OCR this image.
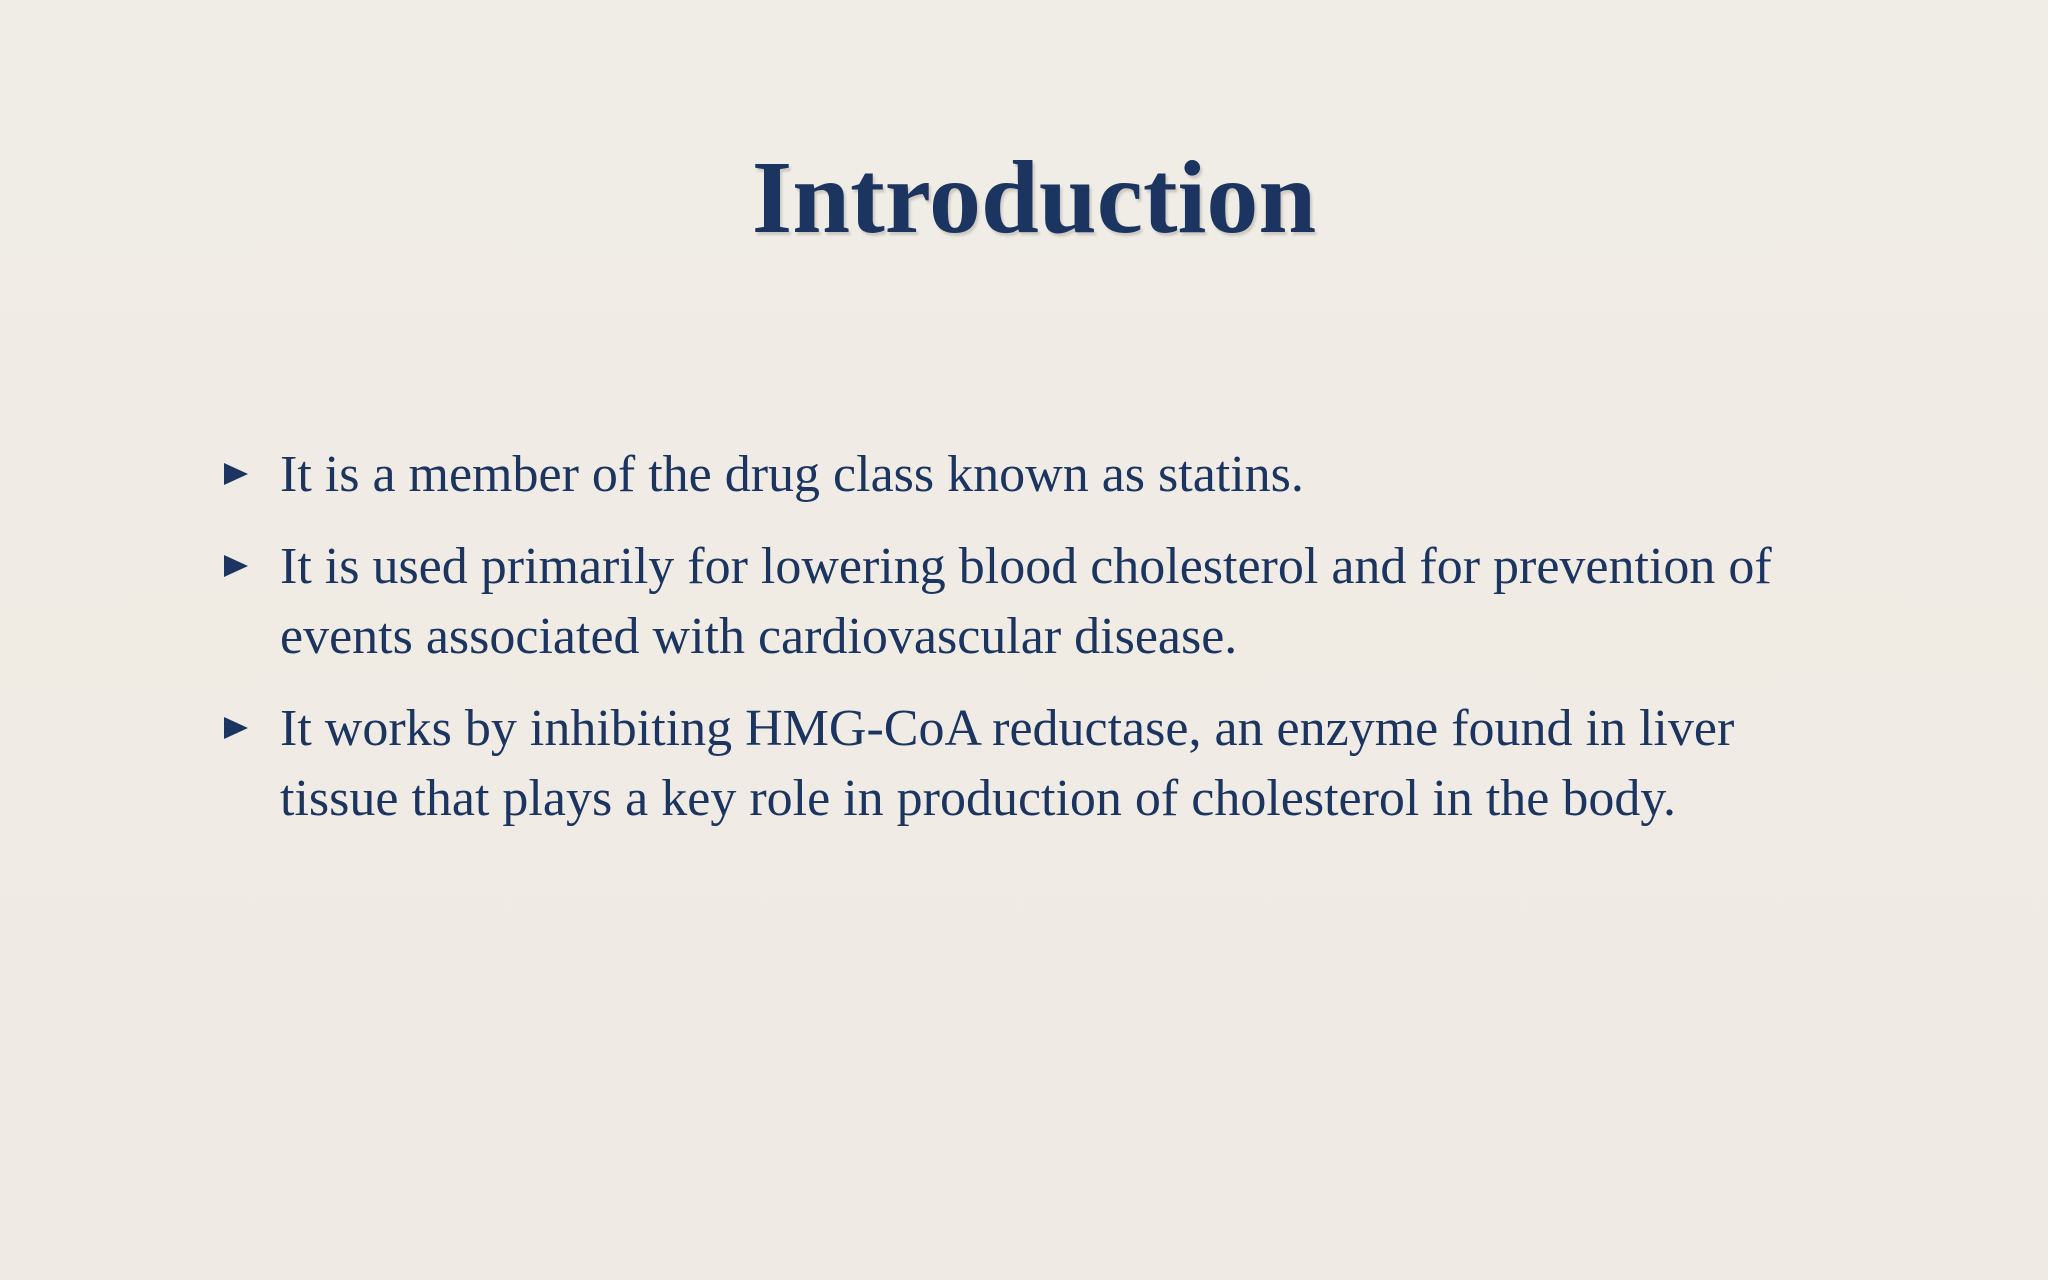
Introduction
It is a member of the drug class known as statins.
It is used primarily for lowering blood cholesterol and for prevention of events associated with cardiovascular disease.
It works by inhibiting HMG-CoA reductase, an enzyme found in liver tissue that plays a key role in production of cholesterol in the body.
